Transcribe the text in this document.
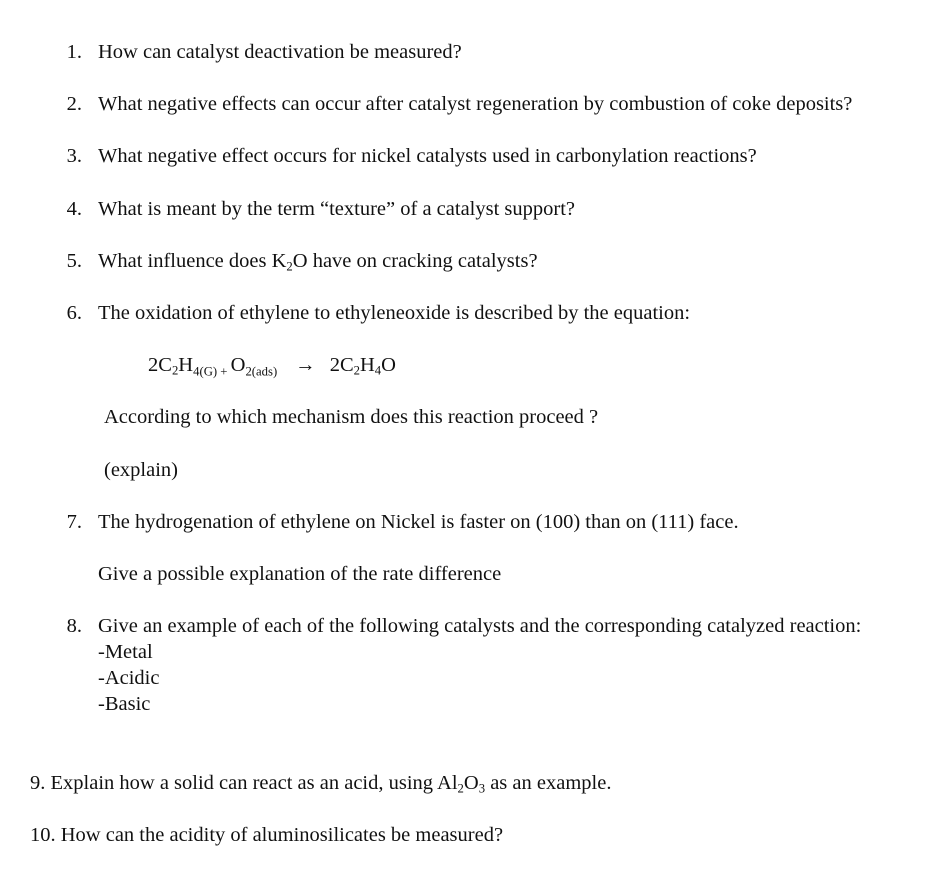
1. How can catalyst deactivation be measured?
2. What negative effects can occur after catalyst regeneration by combustion of coke deposits?
3. What negative effect occurs for nickel catalysts used in carbonylation reactions?
4. What is meant by the term “texture” of a catalyst support?
5. What influence does $K_2O$ have on cracking catalysts?
6. The oxidation of ethylene to ethyleneoxide is described by the equation:
$2C_2H_{4(G) +}$ $O_{2(ads)} \to 2C_2H_4O$
According to which mechanism does this reaction proceed ?
(explain)
7. The hydrogenation of ethylene on Nickel is faster on (100) than on (111) face.
Give a possible explanation of the rate difference
8. Give an example of each of the following catalysts and the corresponding catalyzed reaction:
-Metal
-Acidic
-Basic
9. Explain how a solid can react as an acid, using $Al_2O_3$ as an example.
10. How can the acidity of aluminosilicates be measured?
